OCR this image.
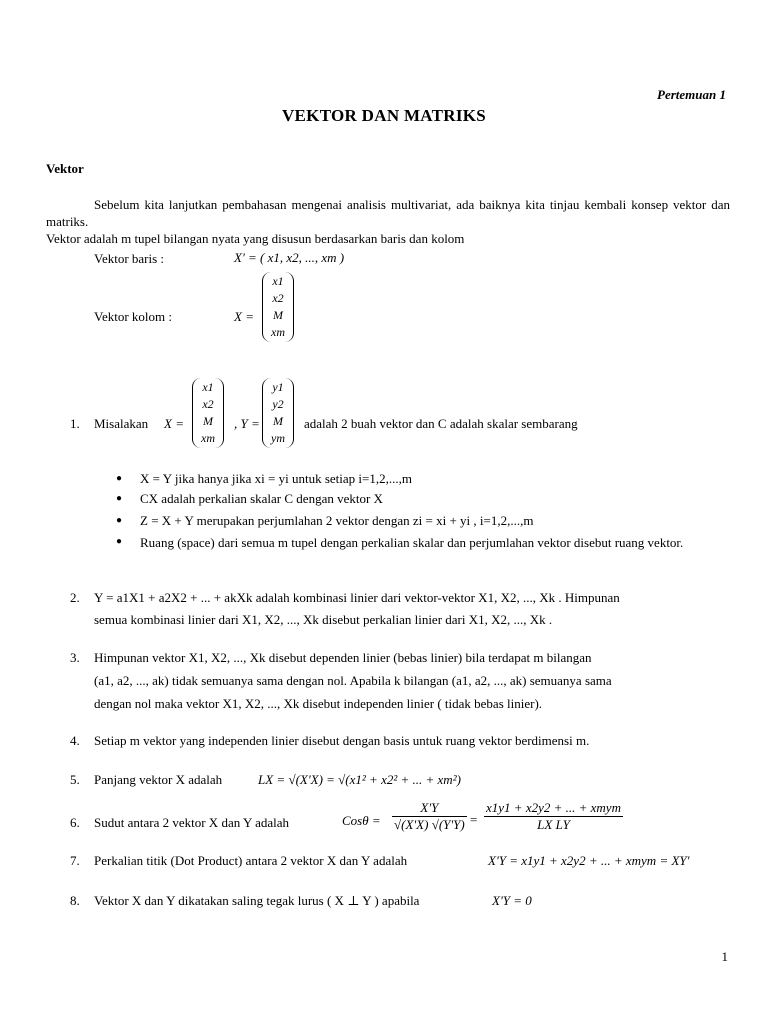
Pertemuan 1
VEKTOR DAN MATRIKS
Vektor
Sebelum kita lanjutkan pembahasan mengenai analisis multivariat, ada baiknya kita tinjau kembali konsep vektor dan matriks.
Vektor adalah m tupel bilangan nyata yang disusun berdasarkan baris dan kolom
Vektor baris :	X' = ( x1, x2, ..., xm )
Vektor kolom :	X =
x1
x2
M
xm
1. Misalakan X =
x1
x2
M
xm
, Y =
y1
y2
M
ym
adalah 2 buah vektor dan C adalah skalar sembarang
● X = Y jika hanya jika xi = yi untuk setiap i=1,2,...,m
● CX adalah perkalian skalar C dengan vektor X
● Z = X + Y merupakan perjumlahan 2 vektor dengan zi = xi + yi , i=1,2,...,m
● Ruang (space) dari semua m tupel dengan perkalian skalar dan perjumlahan vektor disebut ruang vektor.
2. Y = a1X1 + a2X2 + ... + akXk adalah kombinasi linier dari vektor-vektor X1, X2, ..., Xk . Himpunan
semua kombinasi linier dari X1, X2, ..., Xk disebut perkalian linier dari X1, X2, ..., Xk .
3. Himpunan vektor X1, X2, ..., Xk disebut dependen linier (bebas linier) bila terdapat m bilangan
(a1, a2, ..., ak) tidak semuanya sama dengan nol. Apabila k bilangan (a1, a2, ..., ak) semuanya sama
dengan nol maka vektor X1, X2, ..., Xk disebut independen linier ( tidak bebas linier).
4. Setiap m vektor yang independen linier disebut dengan basis untuk ruang vektor berdimensi m.
5. Panjang vektor X adalah	LX = √(X'X) = √(x1² + x2² + ... + xm²)
6. Sudut antara 2 vektor X dan Y adalah	$Cos\theta = \frac{X'Y}{√(X'X) √(Y'Y)} = \frac{\text{x1y1 + x2y2 + ... + xmym}}{\text{LX LY}}$
7. Perkalian titik (Dot Product) antara 2 vektor X dan Y adalah	X'Y = x1y1 + x2y2 + ... + xmym = XY'
8. Vektor X dan Y dikatakan saling tegak lurus ( X ⊥ Y ) apabila	X'Y = 0
1
